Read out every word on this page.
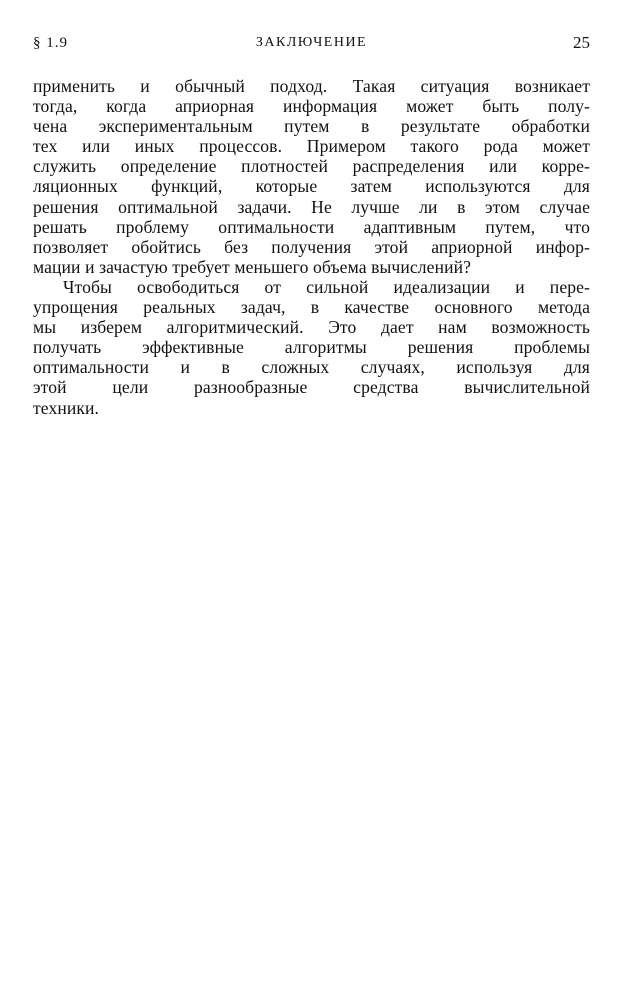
§ 1.9	ЗАКЛЮЧЕНИЕ	25
применить и обычный подход. Такая ситуация возникает
тогда, когда априорная информация может быть полу-
чена экспериментальным путем в результате обработки
тех или иных процессов. Примером такого рода может
служить определение плотностей распределения или корре-
ляционных функций, которые затем используются для
решения оптимальной задачи. Не лучше ли в этом случае
решать проблему оптимальности адаптивным путем, что
позволяет обойтись без получения этой априорной инфор-
мации и зачастую требует меньшего объема вычислений?
Чтобы освободиться от сильной идеализации и пере-
упрощения реальных задач, в качестве основного метода
мы изберем алгоритмический. Это дает нам возможность
получать эффективные алгоритмы решения проблемы
оптимальности и в сложных случаях, используя для
этой цели разнообразные средства вычислительной
техники.
